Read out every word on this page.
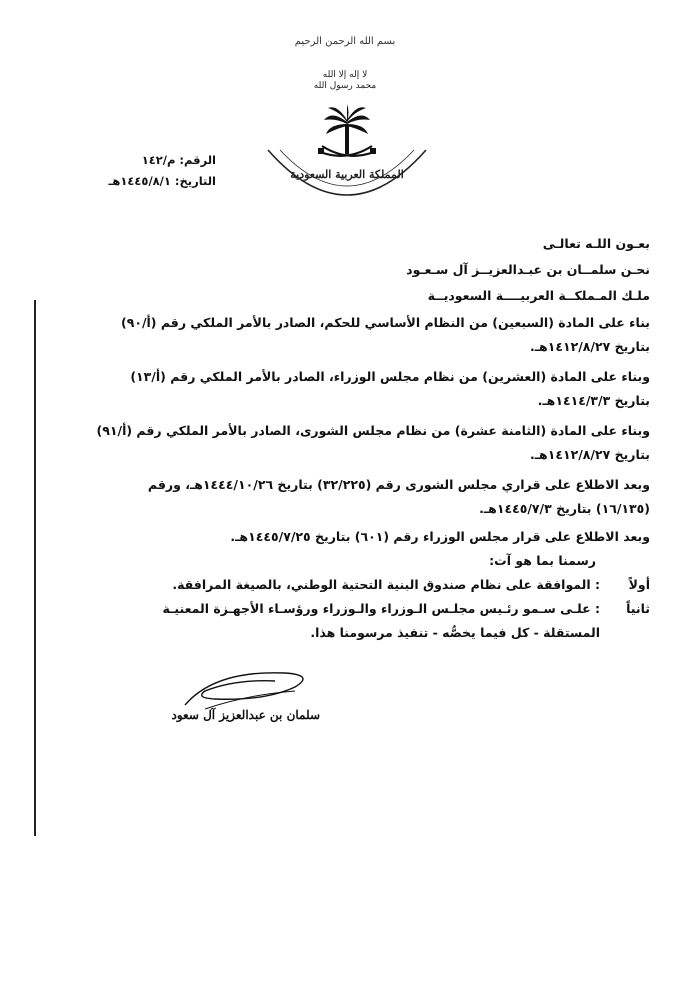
بسم الله الرحمن الرحيم
لا إله إلا الله
محمد رسول الله
المملكة العربية السعودية
الرقم: م/١٤٢
التاريخ: ١٤٤٥/٨/١هـ
بعـون اللـه تعالـى
نحـن سلمــان بن عبـدالعزيــز آل سـعـود
ملـك المـملكــة العربيــــة السعوديــة
بناء على المادة (السبعين) من النظام الأساسي للحكم، الصادر بالأمر الملكي رقم (أ/٩٠)
بتاريخ ١٤١٢/٨/٢٧هـ.
وبناء على المادة (العشرين) من نظام مجلس الوزراء، الصادر بالأمر الملكي رقم (أ/١٣)
بتاريخ ١٤١٤/٣/٣هـ.
وبناء على المادة (الثامنة عشرة) من نظام مجلس الشورى، الصادر بالأمر الملكي رقم (أ/٩١)
بتاريخ ١٤١٢/٨/٢٧هـ.
وبعد الاطلاع على قراري مجلس الشورى رقم (٣٢/٢٢٥) بتاريخ ١٤٤٤/١٠/٢٦هـ، ورقم
(١٦/١٣٥) بتاريخ ١٤٤٥/٧/٣هـ.
وبعد الاطلاع على قرار مجلس الوزراء رقم (٦٠١) بتاريخ ١٤٤٥/٧/٢٥هـ.
رسمنا بما هو آت:
أولاً
: الموافقة على نظام صندوق البنية التحتية الوطني، بالصيغة المرافقة.
ثانياً
: علـى سـمو رئـيس مجلـس الـوزراء والـوزراء ورؤسـاء الأجهـزة المعنيـة
المستقلة - كل فيما يخصُّه - تنفيذ مرسومنا هذا.
سلمان بن عبدالعزيز آل سعود
